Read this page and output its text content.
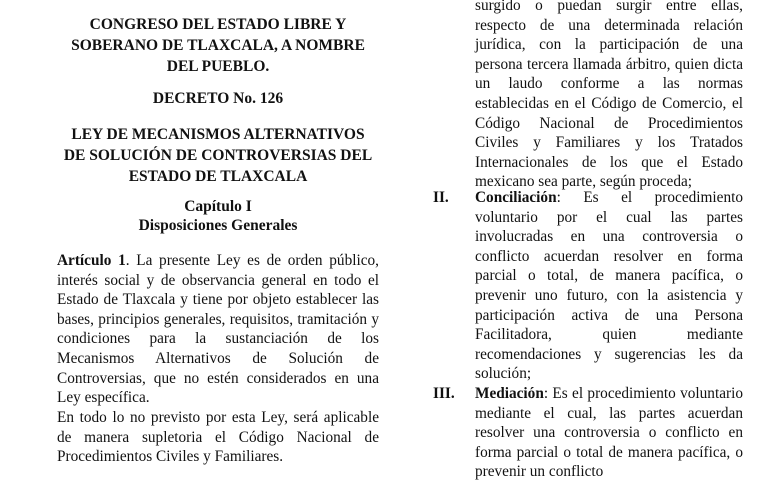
CONGRESO DEL ESTADO LIBRE Y
SOBERANO DE TLAXCALA, A NOMBRE
DEL PUEBLO.

DECRETO No. 126

LEY DE MECANISMOS ALTERNATIVOS
DE SOLUCIÓN DE CONTROVERSIAS DEL
ESTADO DE TLAXCALA

Capítulo I

Disposiciones Generales

Artículo 1. La presente Ley es de orden público, interés social y de observancia general en todo el Estado de Tlaxcala y tiene por objeto establecer las bases, principios generales, requisitos, tramitación y condiciones para la sustanciación de los Mecanismos Alternativos de Solución de Controversias, que no estén considerados en una Ley específica.

En todo lo no previsto por esta Ley, será aplicable de manera supletoria el Código Nacional de Procedimientos Civiles y Familiares.

surgido o puedan surgir entre ellas, respecto de una determinada relación jurídica, con la participación de una persona tercera llamada árbitro, quien dicta un laudo conforme a las normas establecidas en el Código de Comercio, el Código Nacional de Procedimientos Civiles y Familiares y los Tratados Internacionales de los que el Estado mexicano sea parte, según proceda;

II. Conciliación: Es el procedimiento voluntario por el cual las partes involucradas en una controversia o conflicto acuerdan resolver en forma parcial o total, de manera pacífica, o prevenir uno futuro, con la asistencia y participación activa de una Persona Facilitadora, quien mediante recomendaciones y sugerencias les da solución;

III. Mediación: Es el procedimiento voluntario mediante el cual, las partes acuerdan resolver una controversia o conflicto en forma parcial o total de manera pacífica, o prevenir un conflicto
